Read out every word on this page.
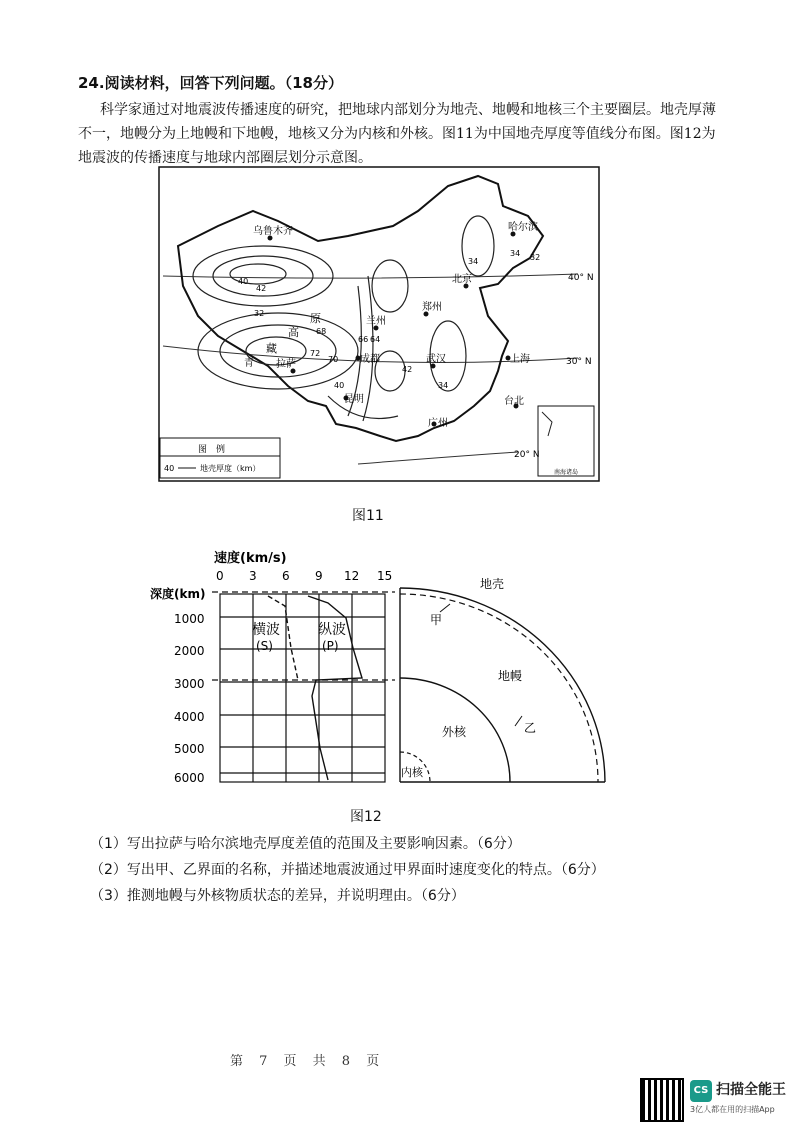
24.阅读材料，回答下列问题。（18分）
科学家通过对地震波传播速度的研究，把地球内部划分为地壳、地幔和地核三个主要圈层。地壳厚薄不一，地幔分为上地幔和下地幔，地核又分为内核和外核。图11为中国地壳厚度等值线分布图。图12为地震波的传播速度与地球内部圈层划分示意图。
乌鲁木齐	哈尔滨
北京
兰州
郑州
成都	武汉	上海
拉萨
昆明	台北
广州
青
藏
高
原
40
42
32
34
34 32
68
66 64
72
70
42
40	34
40° N
30° N
20° N
图　例
40	地壳厚度（km）	南海诸岛
图11
速度(km/s)
0 3 6 9 12 15
深度(km)
1000
2000
3000
4000
5000
6000
横波
(S)
纵波
(P)
地壳
甲
地幔
外核	乙
内核
图12
（1）写出拉萨与哈尔滨地壳厚度差值的范围及主要影响因素。（6分）
（2）写出甲、乙界面的名称，并描述地震波通过甲界面时速度变化的特点。（6分）
（3）推测地幔与外核物质状态的差异，并说明理由。（6分）
第 7 页 共 8 页
CS 扫描全能王
3亿人都在用的扫描App
